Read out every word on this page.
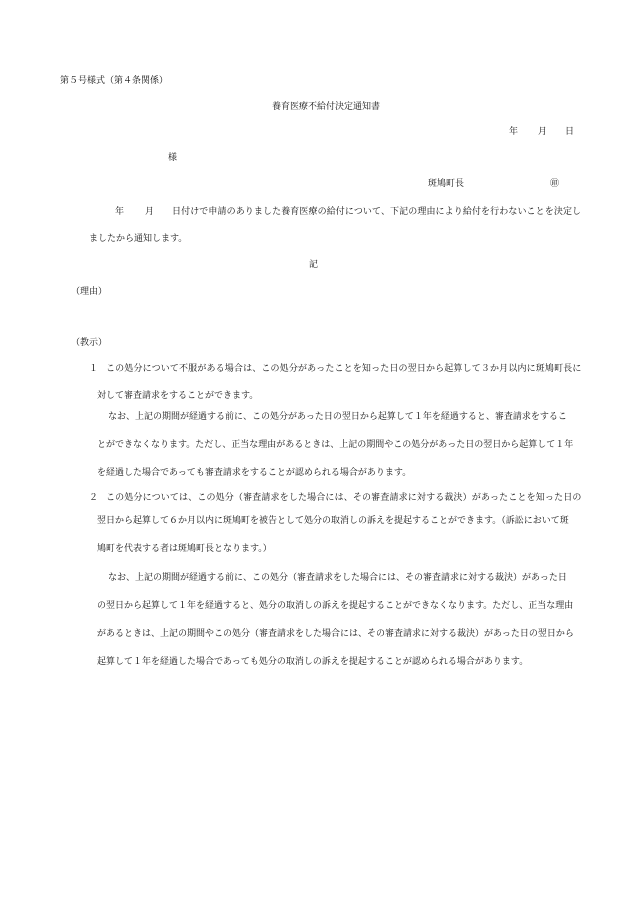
第５号様式（第４条関係）
養育医療不給付決定通知書
年 月 日
様
斑鳩町長	㊞
年 月 日付けで申請のありました養育医療の給付について、下記の理由により給付を行わないことを決定し
ましたから通知します。
記
（理由）
（教示）
１ この処分について不服がある場合は、この処分があったことを知った日の翌日から起算して３か月以内に斑鳩町長に
対して審査請求をすることができます。
なお、上記の期間が経過する前に、この処分があった日の翌日から起算して１年を経過すると、審査請求をすることができなくなります。ただし、正当な理由があるときは、上記の期間やこの処分があった日の翌日から起算して１年を経過した場合であっても審査請求をすることが認められる場合があります。
２ この処分については、この処分（審査請求をした場合には、その審査請求に対する裁決）があったことを知った日の
翌日から起算して６か月以内に斑鳩町を被告として処分の取消しの訴えを提起することができます。（訴訟において斑鳩町を代表する者は斑鳩町長となります。）
なお、上記の期間が経過する前に、この処分（審査請求をした場合には、その審査請求に対する裁決）があった日の翌日から起算して１年を経過すると、処分の取消しの訴えを提起することができなくなります。ただし、正当な理由があるときは、上記の期間やこの処分（審査請求をした場合には、その審査請求に対する裁決）があった日の翌日から起算して１年を経過した場合であっても処分の取消しの訴えを提起することが認められる場合があります。
